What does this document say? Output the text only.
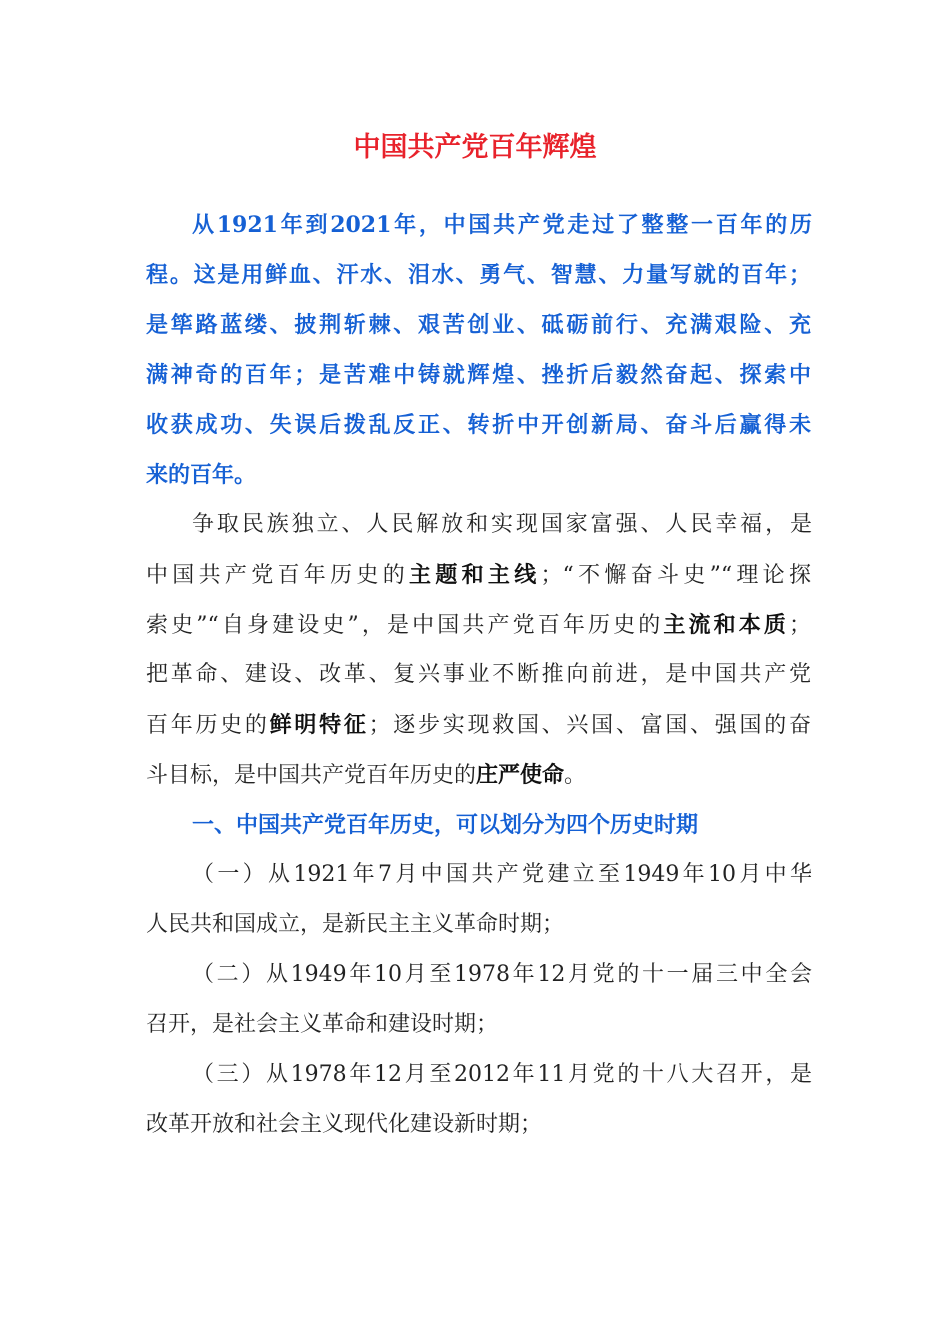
中国共产党百年辉煌

从1921年到2021年，中国共产党走过了整整一百年的历

程。这是用鲜血、汗水、泪水、勇气、智慧、力量写就的百年；

是筚路蓝缕、披荆斩棘、艰苦创业、砥砺前行、充满艰险、充

满神奇的百年；是苦难中铸就辉煌、挫折后毅然奋起、探索中

收获成功、失误后拨乱反正、转折中开创新局、奋斗后赢得未

来的百年。

争取民族独立、人民解放和实现国家富强、人民幸福，是

中国共产党百年历史的主题和主线；“不懈奋斗史”“理论探

索史”“自身建设史”，是中国共产党百年历史的主流和本质；

把革命、建设、改革、复兴事业不断推向前进，是中国共产党

百年历史的鲜明特征；逐步实现救国、兴国、富国、强国的奋

斗目标，是中国共产党百年历史的庄严使命。

一、中国共产党百年历史，可以划分为四个历史时期

（一）从1921年7月中国共产党建立至1949年10月中华

人民共和国成立，是新民主主义革命时期；

（二）从1949年10月至1978年12月党的十一届三中全会

召开，是社会主义革命和建设时期；

（三）从1978年12月至2012年11月党的十八大召开，是

改革开放和社会主义现代化建设新时期；
